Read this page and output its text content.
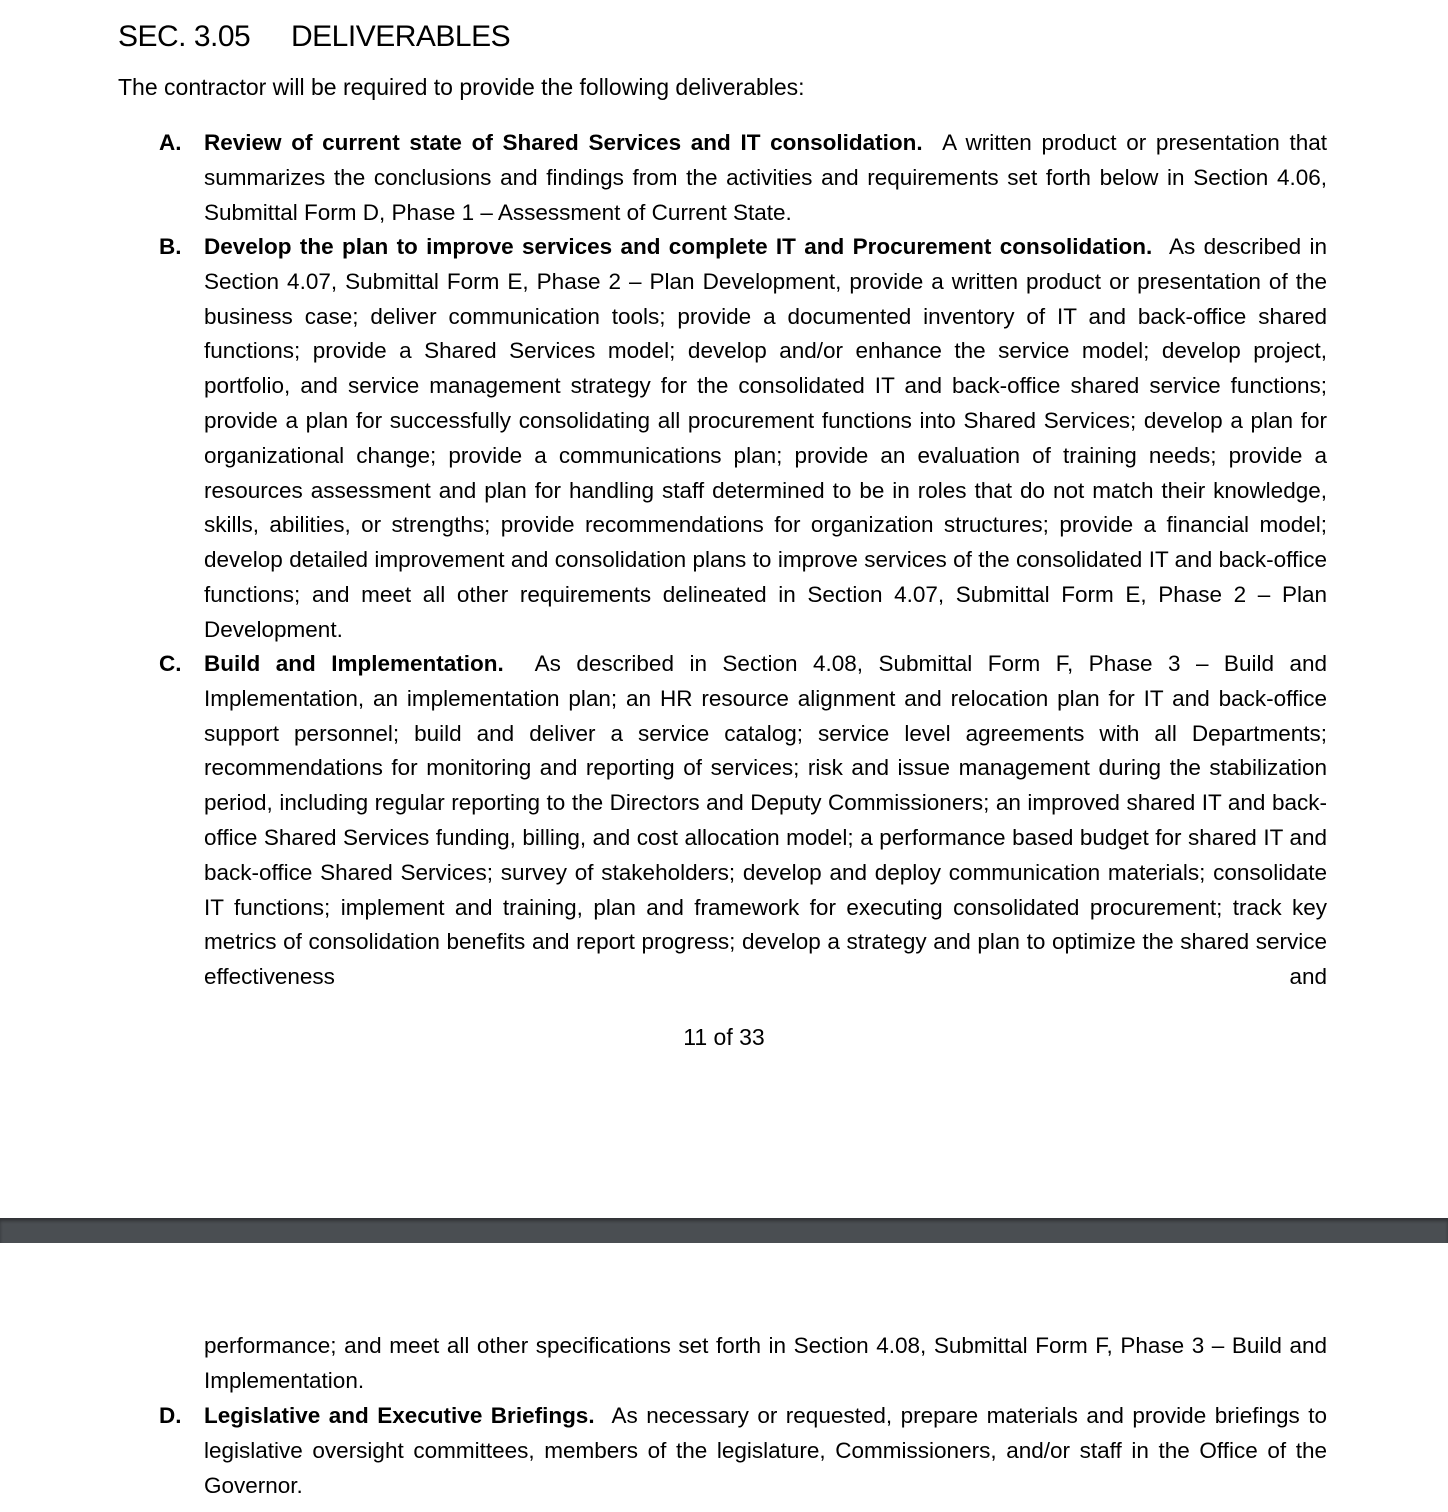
SEC. 3.05 DELIVERABLES
The contractor will be required to provide the following deliverables:
A. Review of current state of Shared Services and IT consolidation. A written product or presentation that summarizes the conclusions and findings from the activities and requirements set forth below in Section 4.06, Submittal Form D, Phase 1 – Assessment of Current State.
B. Develop the plan to improve services and complete IT and Procurement consolidation. As described in Section 4.07, Submittal Form E, Phase 2 – Plan Development, provide a written product or presentation of the business case; deliver communication tools; provide a documented inventory of IT and back-office shared functions; provide a Shared Services model; develop and/or enhance the service model; develop project, portfolio, and service management strategy for the consolidated IT and back-office shared service functions; provide a plan for successfully consolidating all procurement functions into Shared Services; develop a plan for organizational change; provide a communications plan; provide an evaluation of training needs; provide a resources assessment and plan for handling staff determined to be in roles that do not match their knowledge, skills, abilities, or strengths; provide recommendations for organization structures; provide a financial model; develop detailed improvement and consolidation plans to improve services of the consolidated IT and back-office functions; and meet all other requirements delineated in Section 4.07, Submittal Form E, Phase 2 – Plan Development.
C. Build and Implementation. As described in Section 4.08, Submittal Form F, Phase 3 – Build and Implementation, an implementation plan; an HR resource alignment and relocation plan for IT and back-office support personnel; build and deliver a service catalog; service level agreements with all Departments; recommendations for monitoring and reporting of services; risk and issue management during the stabilization period, including regular reporting to the Directors and Deputy Commissioners; an improved shared IT and back-office Shared Services funding, billing, and cost allocation model; a performance based budget for shared IT and back-office Shared Services; survey of stakeholders; develop and deploy communication materials; consolidate IT functions; implement and training, plan and framework for executing consolidated procurement; track key metrics of consolidation benefits and report progress; develop a strategy and plan to optimize the shared service effectiveness and
11 of 33
performance; and meet all other specifications set forth in Section 4.08, Submittal Form F, Phase 3 – Build and Implementation.
D. Legislative and Executive Briefings. As necessary or requested, prepare materials and provide briefings to legislative oversight committees, members of the legislature, Commissioners, and/or staff in the Office of the Governor.
